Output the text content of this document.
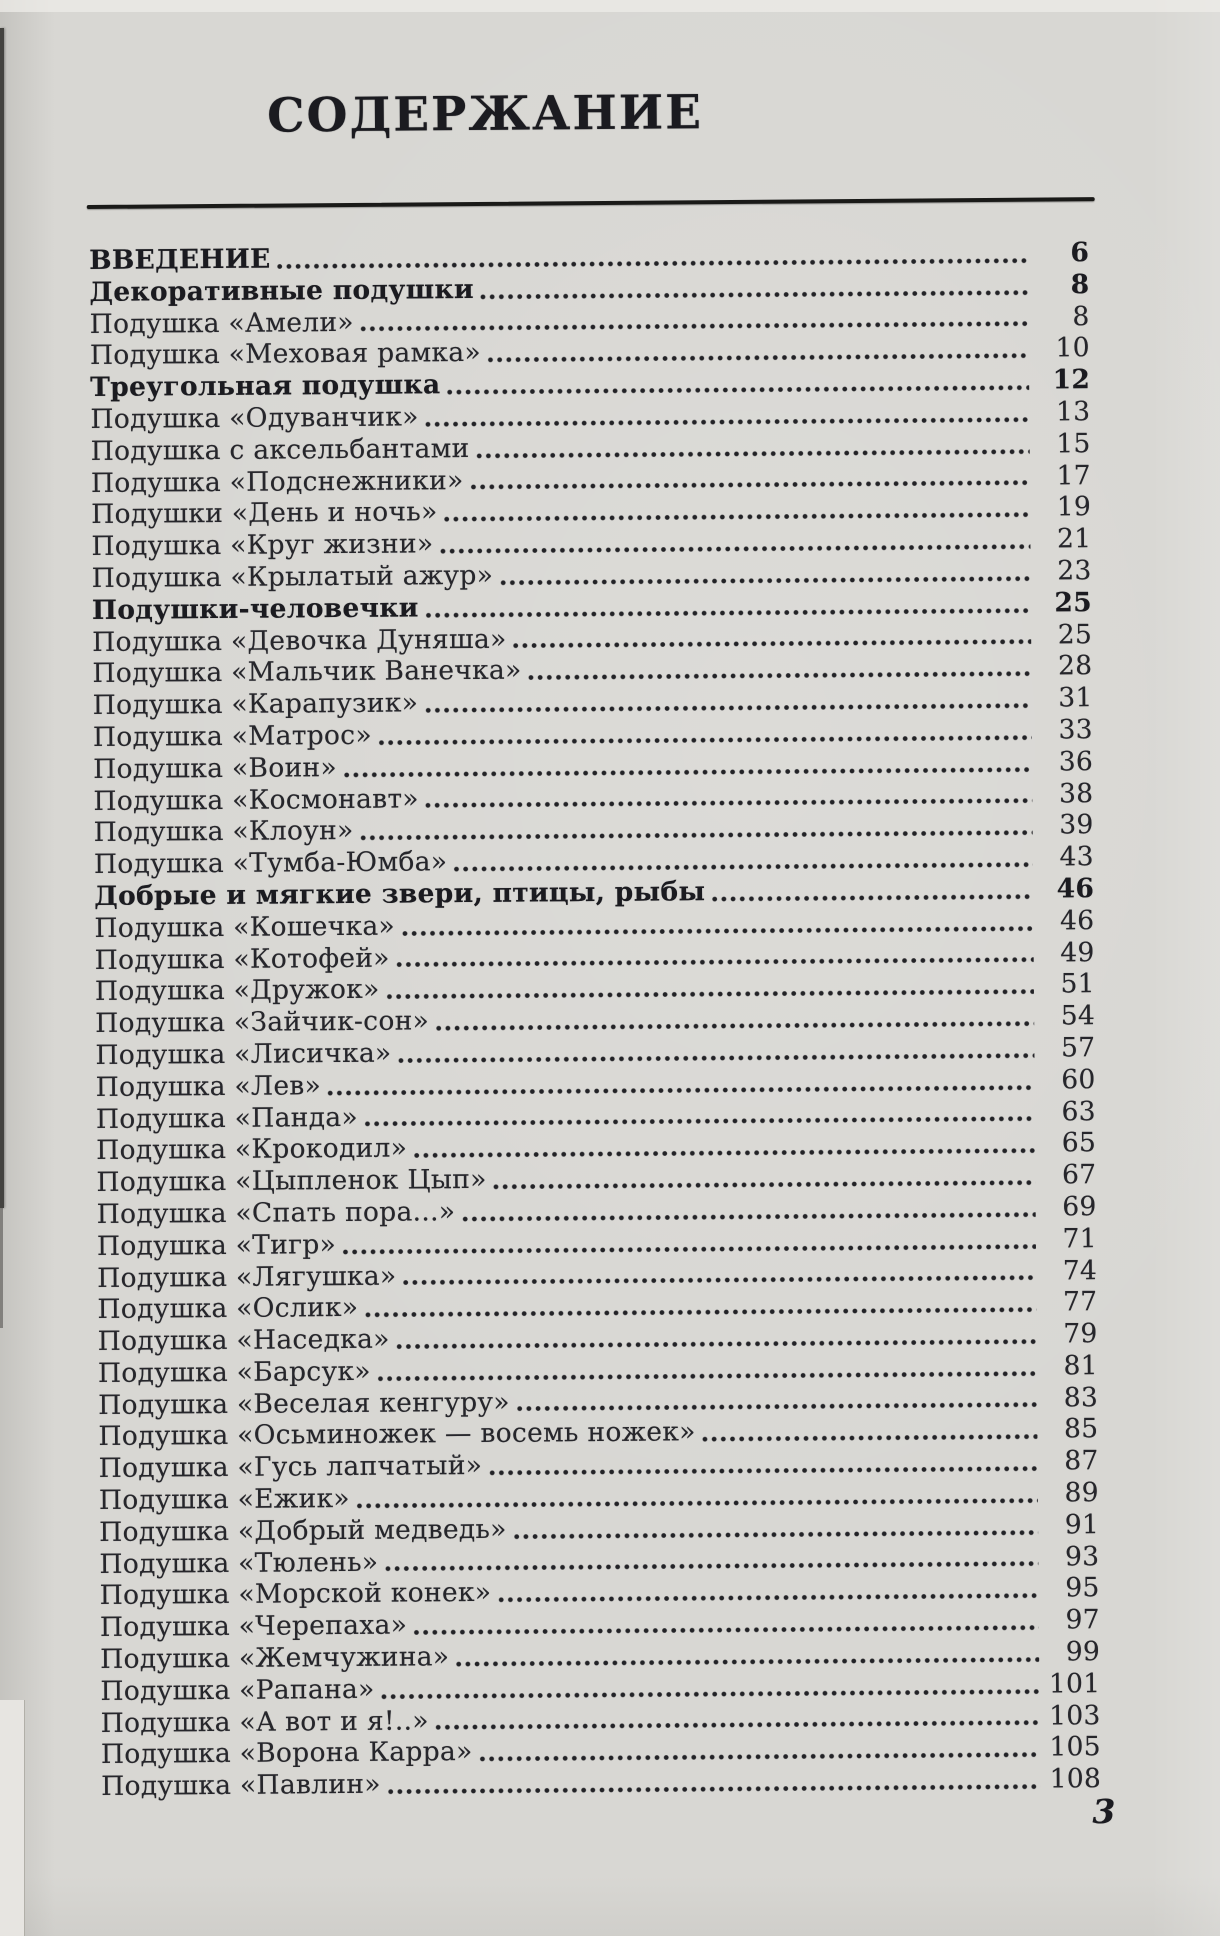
СОДЕРЖАНИЕ
ВВЕДЕНИЕ	6
Декоративные подушки	8
Подушка «Амели»	8
Подушка «Меховая рамка»	10
Треугольная подушка	12
Подушка «Одуванчик»	13
Подушка с аксельбантами	15
Подушка «Подснежники»	17
Подушки «День и ночь»	19
Подушка «Круг жизни»	21
Подушка «Крылатый ажур»	23
Подушки-человечки	25
Подушка «Девочка Дуняша»	25
Подушка «Мальчик Ванечка»	28
Подушка «Карапузик»	31
Подушка «Матрос»	33
Подушка «Воин»	36
Подушка «Космонавт»	38
Подушка «Клоун»	39
Подушка «Тумба-Юмба»	43
Добрые и мягкие звери, птицы, рыбы	46
Подушка «Кошечка»	46
Подушка «Котофей»	49
Подушка «Дружок»	51
Подушка «Зайчик-сон»	54
Подушка «Лисичка»	57
Подушка «Лев»	60
Подушка «Панда»	63
Подушка «Крокодил»	65
Подушка «Цыпленок Цып»	67
Подушка «Спать пора...»	69
Подушка «Тигр»	71
Подушка «Лягушка»	74
Подушка «Ослик»	77
Подушка «Наседка»	79
Подушка «Барсук»	81
Подушка «Веселая кенгуру»	83
Подушка «Осьминожек — восемь ножек»	85
Подушка «Гусь лапчатый»	87
Подушка «Ежик»	89
Подушка «Добрый медведь»	91
Подушка «Тюлень»	93
Подушка «Морской конек»	95
Подушка «Черепаха»	97
Подушка «Жемчужина»	99
Подушка «Рапана»	101
Подушка «А вот и я!..»	103
Подушка «Ворона Карра»	105
Подушка «Павлин»	108
3
